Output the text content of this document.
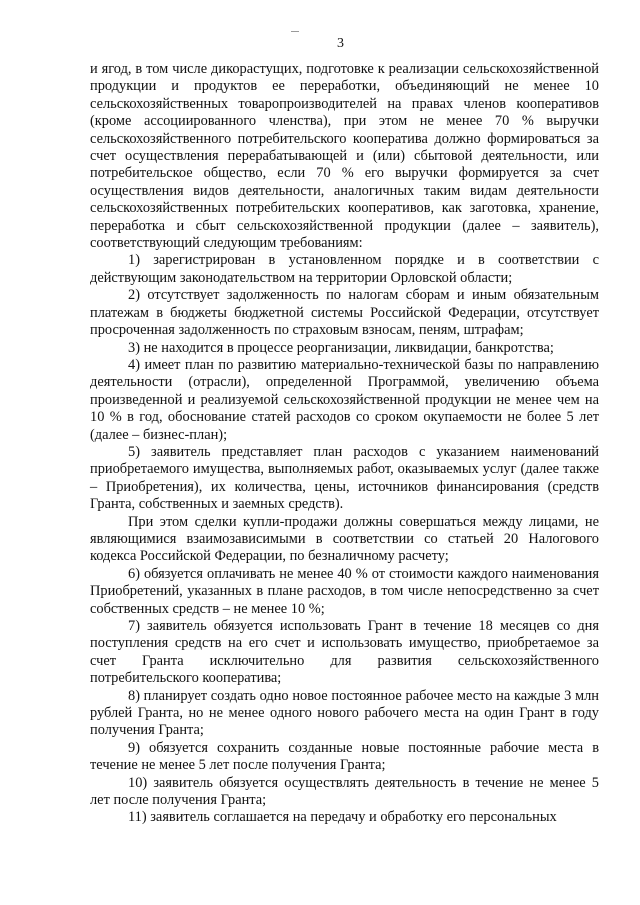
3

и ягод, в том числе дикорастущих, подготовке к реализации сельскохозяйственной продукции и продуктов ее переработки, объединяющий не менее 10 сельскохозяйственных товаропроизводителей на правах членов кооперативов (кроме ассоциированного членства), при этом не менее 70 % выручки сельскохозяйственного потребительского кооператива должно формироваться за счет осуществления перерабатывающей и (или) сбытовой деятельности, или потребительское общество, если 70 % его выручки формируется за счет осуществления видов деятельности, аналогичных таким видам деятельности сельскохозяйственных потребительских кооперативов, как заготовка, хранение, переработка и сбыт сельскохозяйственной продукции (далее – заявитель), соответствующий следующим требованиям:

1) зарегистрирован в установленном порядке и в соответствии с действующим законодательством на территории Орловской области;

2) отсутствует задолженность по налогам сборам и иным обязательным платежам в бюджеты бюджетной системы Российской Федерации, отсутствует просроченная задолженность по страховым взносам, пеням, штрафам;

3) не находится в процессе реорганизации, ликвидации, банкротства;

4) имеет план по развитию материально-технической базы по направлению деятельности (отрасли), определенной Программой, увеличению объема произведенной и реализуемой сельскохозяйственной продукции не менее чем на 10 % в год, обоснование статей расходов со сроком окупаемости не более 5 лет (далее – бизнес-план);

5) заявитель представляет план расходов с указанием наименований приобретаемого имущества, выполняемых работ, оказываемых услуг (далее также – Приобретения), их количества, цены, источников финансирования (средств Гранта, собственных и заемных средств).

При этом сделки купли-продажи должны совершаться между лицами, не являющимися взаимозависимыми в соответствии со статьей 20 Налогового кодекса Российской Федерации, по безналичному расчету;

6) обязуется оплачивать не менее 40 % от стоимости каждого наименования Приобретений, указанных в плане расходов, в том числе непосредственно за счет собственных средств – не менее 10 %;

7) заявитель обязуется использовать Грант в течение 18 месяцев со дня поступления средств на его счет и использовать имущество, приобретаемое за счет Гранта исключительно для развития сельскохозяйственного потребительского кооператива;

8) планирует создать одно новое постоянное рабочее место на каждые 3 млн рублей Гранта, но не менее одного нового рабочего места на один Грант в году получения Гранта;

9) обязуется сохранить созданные новые постоянные рабочие места в течение не менее 5 лет после получения Гранта;

10) заявитель обязуется осуществлять деятельность в течение не менее 5 лет после получения Гранта;

11) заявитель соглашается на передачу и обработку его персональных
